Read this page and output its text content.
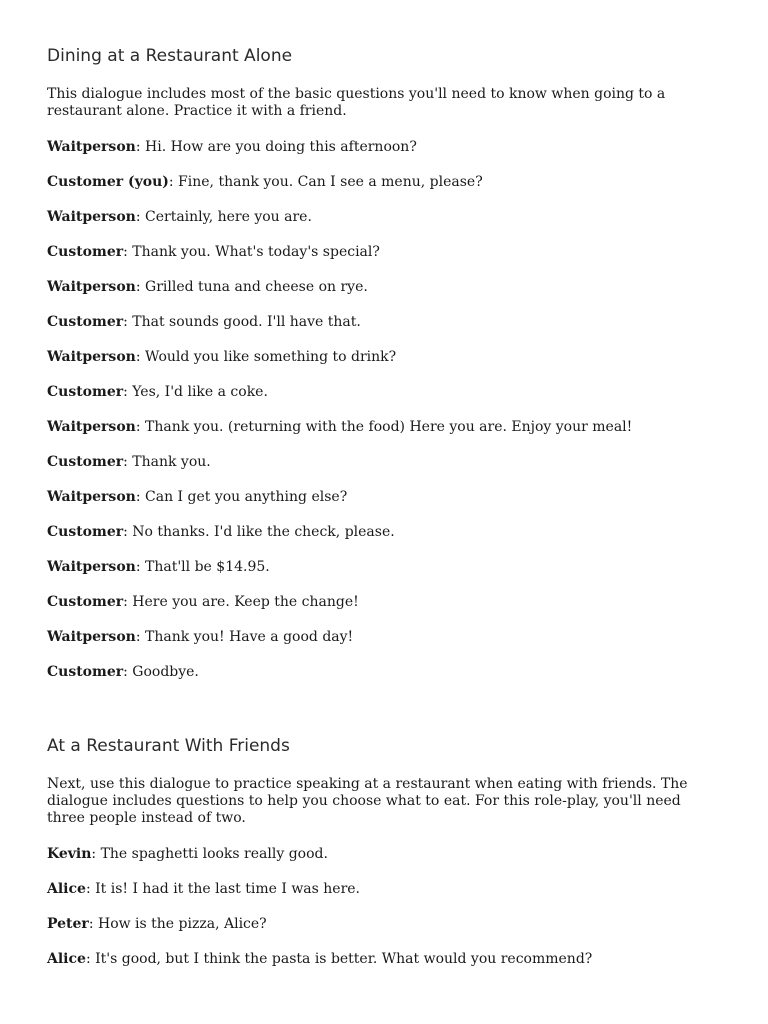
Dining at a Restaurant Alone

This dialogue includes most of the basic questions you'll need to know when going to a

restaurant alone. Practice it with a friend.

Waitperson: Hi. How are you doing this afternoon?

Customer (you): Fine, thank you. Can I see a menu, please?

Waitperson: Certainly, here you are.

Customer: Thank you. What's today's special?

Waitperson: Grilled tuna and cheese on rye.

Customer: That sounds good. I'll have that.

Waitperson: Would you like something to drink?

Customer: Yes, I'd like a coke.

Waitperson: Thank you. (returning with the food) Here you are. Enjoy your meal!

Customer: Thank you.

Waitperson: Can I get you anything else?

Customer: No thanks. I'd like the check, please.

Waitperson: That'll be $14.95.

Customer: Here you are. Keep the change!

Waitperson: Thank you! Have a good day!

Customer: Goodbye.

At a Restaurant With Friends

Next, use this dialogue to practice speaking at a restaurant when eating with friends. The

dialogue includes questions to help you choose what to eat. For this role-play, you'll need

three people instead of two.

Kevin: The spaghetti looks really good.

Alice: It is! I had it the last time I was here.

Peter: How is the pizza, Alice?

Alice: It's good, but I think the pasta is better. What would you recommend?
